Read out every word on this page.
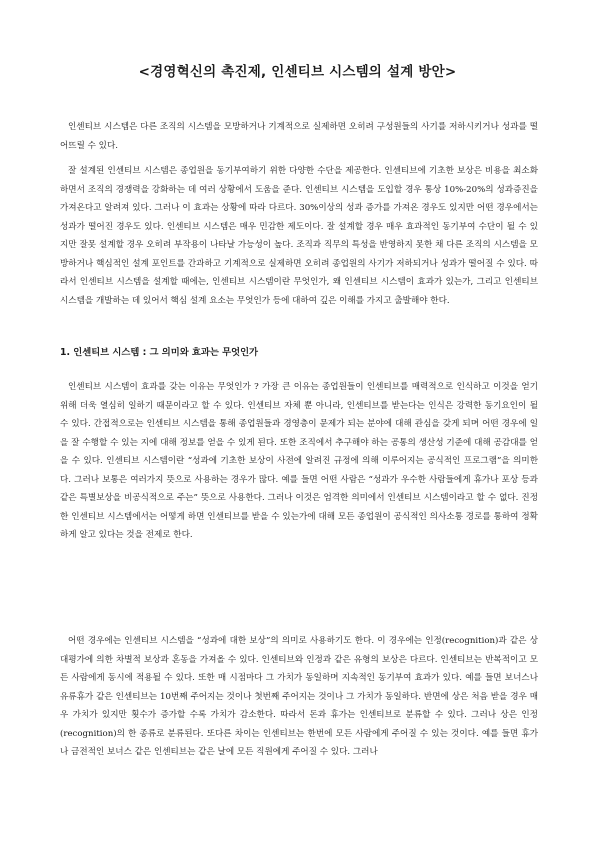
<경영혁신의 촉진제, 인센티브 시스템의 설계 방안>

인센티브 시스템은 다른 조직의 시스템을 모방하거나 기계적으로 실제하면 오히려 구성원들의 사기를 저하시키거나 성과를 떨어뜨릴 수 있다.

잘 설계된 인센티브 시스템은 종업원을 동기부여하기 위한 다양한 수단을 제공한다. 인센티브에 기초한 보상은 비용을 최소화하면서 조직의 경쟁력을 강화하는 데 여러 상황에서 도움을 준다. 인센티브 시스템을 도입할 경우 통상 10%-20%의 성과증진을 가져온다고 알려져 있다. 그러나 이 효과는 상황에 따라 다르다. 30%이상의 성과 증가를 가져온 경우도 있지만 어떤 경우에서는 성과가 떨어진 경우도 있다. 인센티브 시스템은 매우 민감한 제도이다. 잘 설계할 경우 매우 효과적인 동기부여 수단이 될 수 있지만 잘못 설계할 경우 오히려 부작용이 나타날 가능성이 높다. 조직과 직무의 특성을 반영하지 못한 채 다른 조직의 시스템을 모방하거나 핵심적인 설계 포인트를 간과하고 기계적으로 실제하면 오히려 종업원의 사기가 저하되거나 성과가 떨어질 수 있다. 따라서 인센티브 시스템을 설계할 때에는, 인센티브 시스템이란 무엇인가, 왜 인센티브 시스템이 효과가 있는가, 그리고 인센티브 시스템을 개발하는 데 있어서 핵심 설계 요소는 무엇인가 등에 대하여 깊은 이해를 가지고 출발해야 한다.

1. 인센티브 시스템 : 그 의미와 효과는 무엇인가

인센티브 시스템이 효과를 갖는 이유는 무엇인가 ? 가장 큰 이유는 종업원들이 인센티브를 매력적으로 인식하고 이것을 얻기 위해 더욱 열심히 일하기 때문이라고 할 수 있다. 인센티브 자체 뿐 아니라, 인센티브를 받는다는 인식은 강력한 동기요인이 될 수 있다. 간접적으로는 인센티브 시스템을 통해 종업원들과 경영층이 문제가 되는 분야에 대해 관심을 갖게 되며 어떤 경우에 일을 잘 수행할 수 있는 지에 대해 정보를 얻을 수 있게 된다. 또한 조직에서 추구해야 하는 공통의 생산성 기준에 대해 공감대를 얻을 수 있다. 인센티브 시스템이란 “성과에 기초한 보상이 사전에 알려진 규정에 의해 이루어지는 공식적인 프로그램”을 의미한다. 그러나 보통은 여러가지 뜻으로 사용하는 경우가 많다. 예를 들면 어떤 사람은 “성과가 우수한 사람들에게 휴가나 포상 등과 같은 특별보상을 비공식적으로 주는” 뜻으로 사용한다. 그러나 이것은 엄격한 의미에서 인센티브 시스템이라고 할 수 없다. 진정한 인센티브 시스템에서는 어떻게 하면 인센티브를 받을 수 있는가에 대해 모든 종업원이 공식적인 의사소통 경로를 통하여 정확하게 알고 있다는 것을 전제로 한다.

어떤 경우에는 인센티브 시스템을 “성과에 대한 보상”의 의미로 사용하기도 한다. 이 경우에는 인정(recognition)과 같은 상대평가에 의한 차별적 보상과 혼동을 가져올 수 있다. 인센티브와 인정과 같은 유형의 보상은 다르다. 인센티브는 반복적이고 모든 사람에게 동시에 적용될 수 있다. 또한 매 시점마다 그 가치가 동일하며 지속적인 동기부여 효과가 있다. 예를 들면 보너스나 유류휴가 같은 인센티브는 10번째 주어지는 것이나 첫번째 주어지는 것이나 그 가치가 동일하다. 반면에 상은 처음 받을 경우 매우 가치가 있지만 횟수가 증가할 수록 가치가 감소한다. 따라서 돈과 휴가는 인센티브로 분류할 수 있다. 그러나 상은 인정(recognition)의 한 종류로 분류된다. 또다른 차이는 인센티브는 한번에 모든 사람에게 주어질 수 있는 것이다. 예를 들면 휴가나 금전적인 보너스 같은 인센티브는 같은 날에 모든 직원에게 주어질 수 있다. 그러나
